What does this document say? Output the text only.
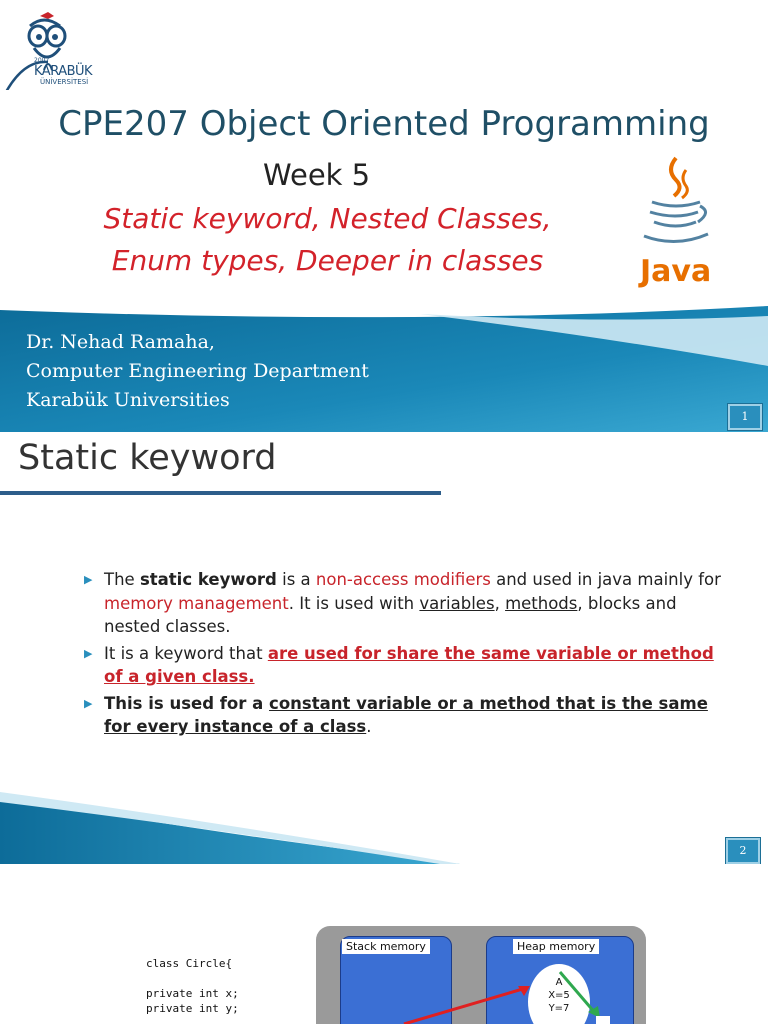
2007
KARABÜK
ÜNİVERSİTESİ
CPE207 Object Oriented Programming
Week 5
Static keyword, Nested Classes,
Enum types, Deeper in classes	Java
Dr. Nehad Ramaha,
Computer Engineering Department
Karabük Universities
1
Static keyword
▶ The static keyword is a non-access modifiers and used in java mainly for memory management. It is used with variables, methods, blocks and nested classes.
▶ It is a keyword that are used for share the same variable or method of a given class.
▶ This is used for a constant variable or a method that is the same for every instance of a class.
2
class Circle{
private int x;
private int y;
Stack memory	Heap memory
A
X=5
Y=7
